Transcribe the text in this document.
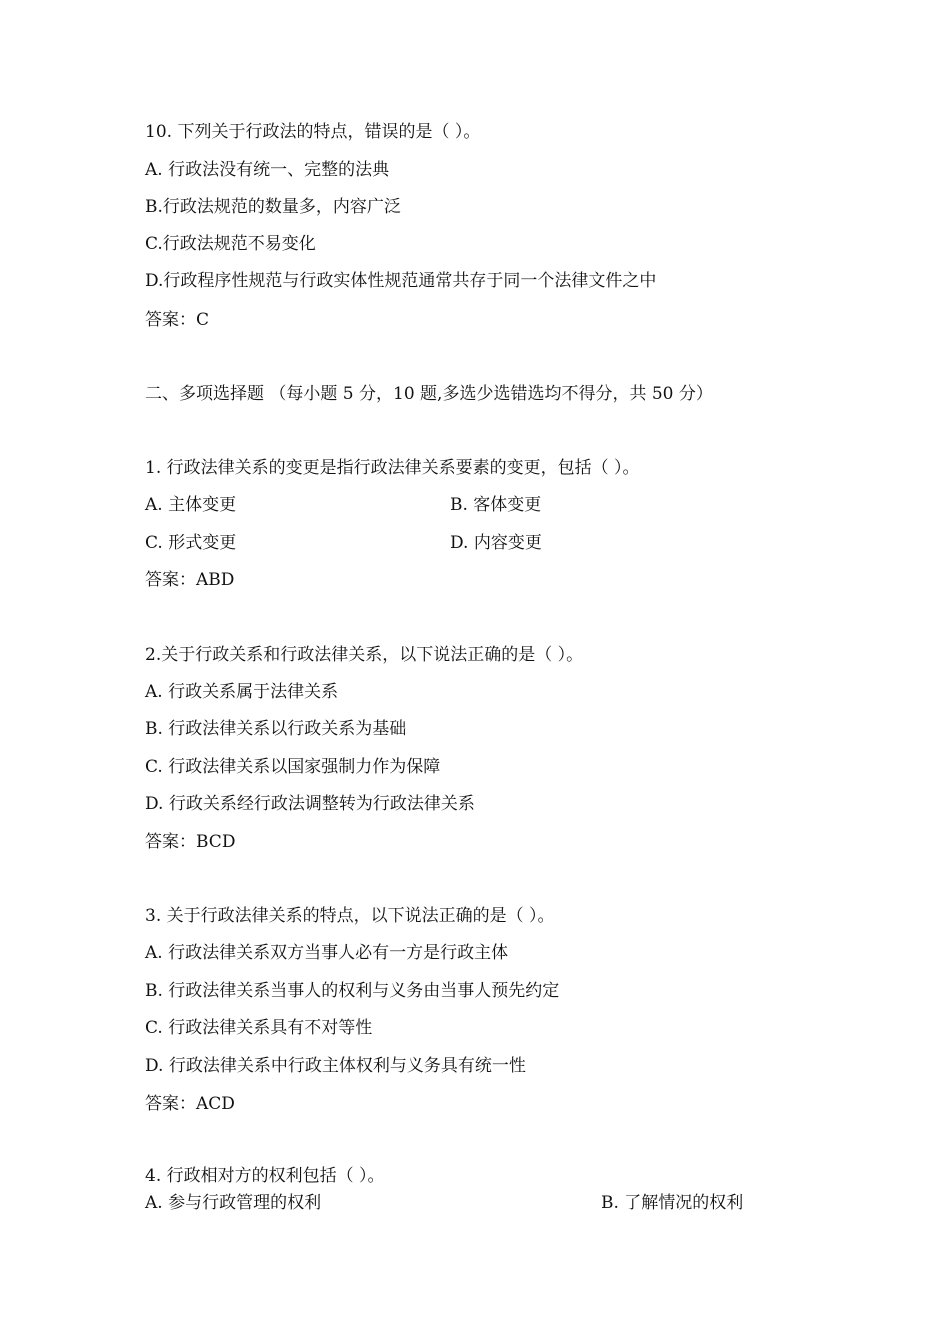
10. 下列关于行政法的特点，错误的是（ ）。
A. 行政法没有统一、完整的法典
B.行政法规范的数量多，内容广泛
C.行政法规范不易变化
D.行政程序性规范与行政实体性规范通常共存于同一个法律文件之中
答案：C
二、多项选择题 （每小题 5 分，10 题,多选少选错选均不得分，共 50 分）
1. 行政法律关系的变更是指行政法律关系要素的变更，包括（ ）。
A. 主体变更	B. 客体变更
C. 形式变更	D. 内容变更
答案：ABD
2.关于行政关系和行政法律关系，以下说法正确的是（ ）。
A. 行政关系属于法律关系
B. 行政法律关系以行政关系为基础
C. 行政法律关系以国家强制力作为保障
D. 行政关系经行政法调整转为行政法律关系
答案：BCD
3. 关于行政法律关系的特点，以下说法正确的是（ ）。
A. 行政法律关系双方当事人必有一方是行政主体
B. 行政法律关系当事人的权利与义务由当事人预先约定
C. 行政法律关系具有不对等性
D. 行政法律关系中行政主体权利与义务具有统一性
答案：ACD
4. 行政相对方的权利包括（ ）。
A. 参与行政管理的权利	B. 了解情况的权利
